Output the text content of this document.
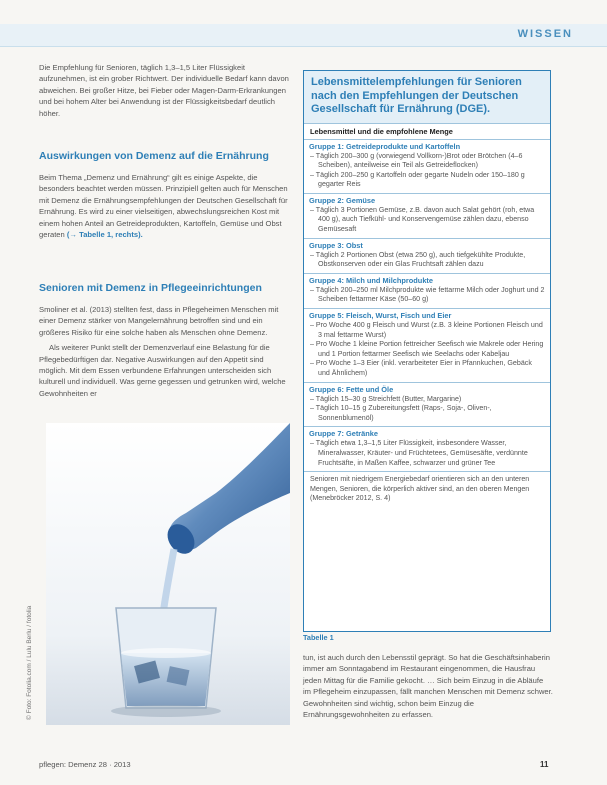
WISSEN

Die Empfehlung für Senioren, täglich 1,3–1,5 Liter Flüssigkeit aufzunehmen, ist ein grober Richtwert. Der individuelle Bedarf kann davon abweichen. Bei großer Hitze, bei Fieber oder Magen-Darm-Erkrankungen und bei hohem Alter bei Anwendung ist der Flüssigkeitsbedarf deutlich höher.

Auswirkungen von Demenz auf die Ernährung

Beim Thema „Demenz und Ernährung“ gilt es einige Aspekte, die besonders beachtet werden müssen. Prinzipiell gelten auch für Menschen mit Demenz die Ernährungsempfehlungen der Deutschen Gesellschaft für Ernährung. Es wird zu einer vielseitigen, abwechslungsreichen Kost mit einem hohen Anteil an Getreideprodukten, Kartoffeln, Gemüse und Obst geraten (→ Tabelle 1, rechts).

Senioren mit Demenz in Pflegeeinrichtungen

Smoliner et al. (2013) stellten fest, dass in Pflegeheimen Menschen mit einer Demenz stärker von Mangelernährung betroffen sind und ein größeres Risiko für eine solche haben als Menschen ohne Demenz.

Als weiterer Punkt stellt der Demenzverlauf eine Belastung für die Pflegebedürftigen dar. Negative Auswirkungen auf den Appetit sind möglich. Mit dem Essen verbundene Erfahrungen unterscheiden sich kulturell und individuell. Was gerne gegessen und getrunken wird, welche Gewohnheiten er

© Foto: Fotolia.com / Lulu Berlu / fotolia
Lebensmittelempfehlungen für Senioren nach den Empfehlungen der Deutschen Gesellschaft für Ernährung (DGE).
Lebensmittel und die empfohlene Menge
Gruppe 1: Getreideprodukte und Kartoffeln
– Täglich 200–300 g (vorwiegend Vollkorn-)Brot oder Brötchen (4–6 Scheiben), anteilweise ein Teil als Getreideflocken)
– Täglich 200–250 g Kartoffeln oder gegarte Nudeln oder 150–180 g gegarter Reis
Gruppe 2: Gemüse
– Täglich 3 Portionen Gemüse, z.B. davon auch Salat gehört (roh, etwa 400 g), auch Tiefkühl- und Konservengemüse zählen dazu, ebenso Gemüsesaft
Gruppe 3: Obst
– Täglich 2 Portionen Obst (etwa 250 g), auch tiefgekühlte Produkte, Obstkonserven oder ein Glas Fruchtsaft zählen dazu
Gruppe 4: Milch und Milchprodukte
– Täglich 200–250 ml Milchprodukte wie fettarme Milch oder Joghurt und 2 Scheiben fettarmer Käse (50–60 g)
Gruppe 5: Fleisch, Wurst, Fisch und Eier
– Pro Woche 400 g Fleisch und Wurst (z.B. 3 kleine Portionen Fleisch und 3 mal fettarme Wurst)
– Pro Woche 1 kleine Portion fettreicher Seefisch wie Makrele oder Hering und 1 Portion fettarmer Seefisch wie Seelachs oder Kabeljau
– Pro Woche 1–3 Eier (inkl. verarbeiteter Eier in Pfannkuchen, Gebäck und Ähnlichem)
Gruppe 6: Fette und Öle
– Täglich 15–30 g Streichfett (Butter, Margarine)
– Täglich 10–15 g Zubereitungsfett (Raps-, Soja-, Oliven-, Sonnenblumenöl)
Gruppe 7: Getränke
– Täglich etwa 1,3–1,5 Liter Flüssigkeit, insbesondere Wasser, Mineralwasser, Kräuter- und Früchtetees, Gemüsesäfte, verdünnte Fruchtsäfte, in Maßen Kaffee, schwarzer und grüner Tee
Senioren mit niedrigem Energiebedarf orientieren sich an den unteren Mengen, Senioren, die körperlich aktiver sind, an den oberen Mengen (Menebröcker 2012, S. 4)
Tabelle 1
tun, ist auch durch den Lebensstil geprägt. So hat die Geschäftsinhaberin immer am Sonntagabend im Restaurant eingenommen, die Hausfrau jeden Mittag für die Familie gekocht. … Sich beim Einzug in die Abläufe im Pflegeheim einzupassen, fällt manchen Menschen mit Demenz schwer. Gewohnheiten sind wichtig, schon beim Einzug die Ernährungsgewohnheiten zu erfassen.
pflegen: Demenz 28 · 2013	11
